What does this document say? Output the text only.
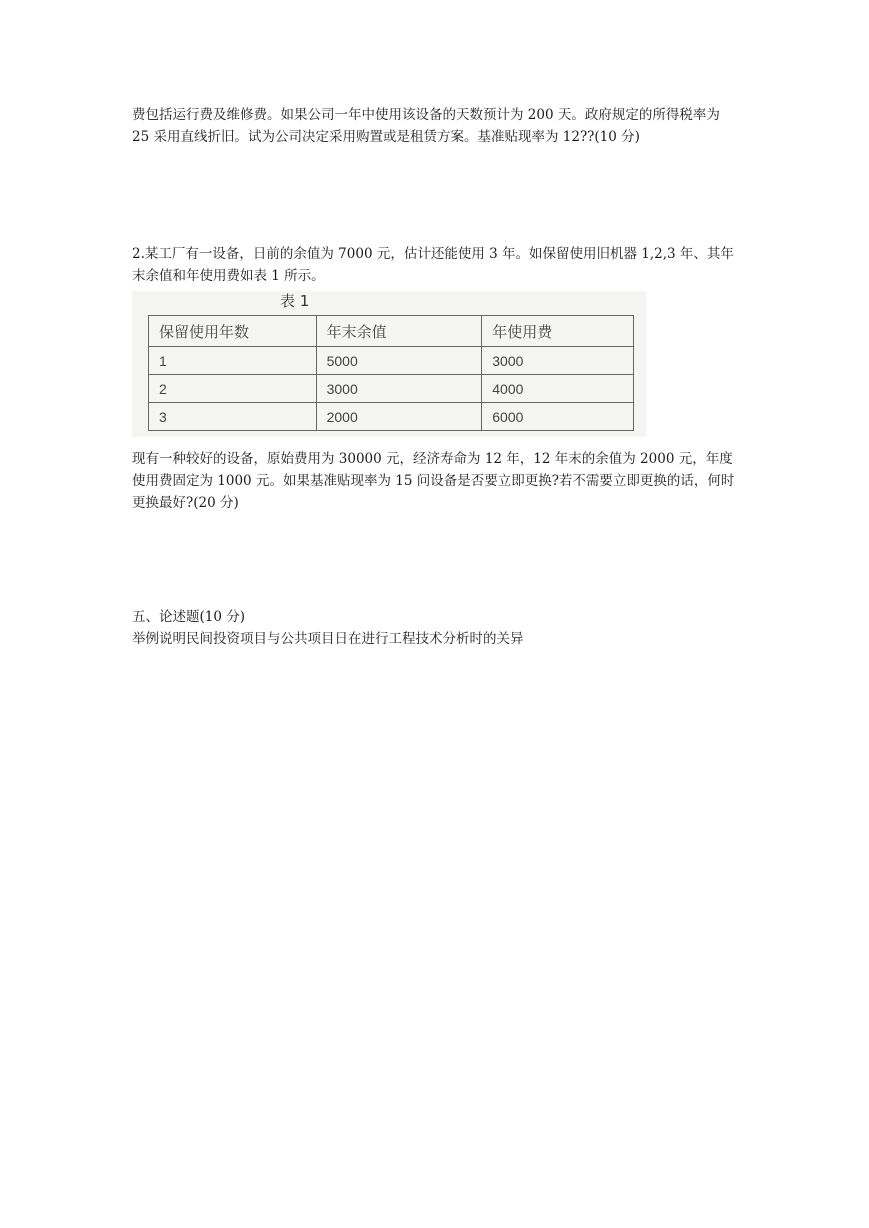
费包括运行费及维修费。如果公司一年中使用该设备的天数预计为 200 天。政府规定的所得税率为 25 采用直线折旧。试为公司决定采用购置或是租赁方案。基准贴现率为 12??(10 分)

2.某工厂有一设备，日前的余值为 7000 元，估计还能使用 3 年。如保留使用旧机器 1,2,3 年、其年末余值和年使用费如表 1 所示。

表 1
保留使用年数	年末余值	年使用费
1	5000	3000
2	3000	4000
3	2000	6000

现有一种较好的设备，原始费用为 30000 元，经济寿命为 12 年，12 年末的余值为 2000 元，年度使用费固定为 1000 元。如果基准贴现率为 15 问设备是否要立即更换?若不需要立即更换的话，何时更换最好?(20 分)

五、论述题(10 分)

举例说明民间投资项目与公共项目日在进行工程技术分析时的关异
